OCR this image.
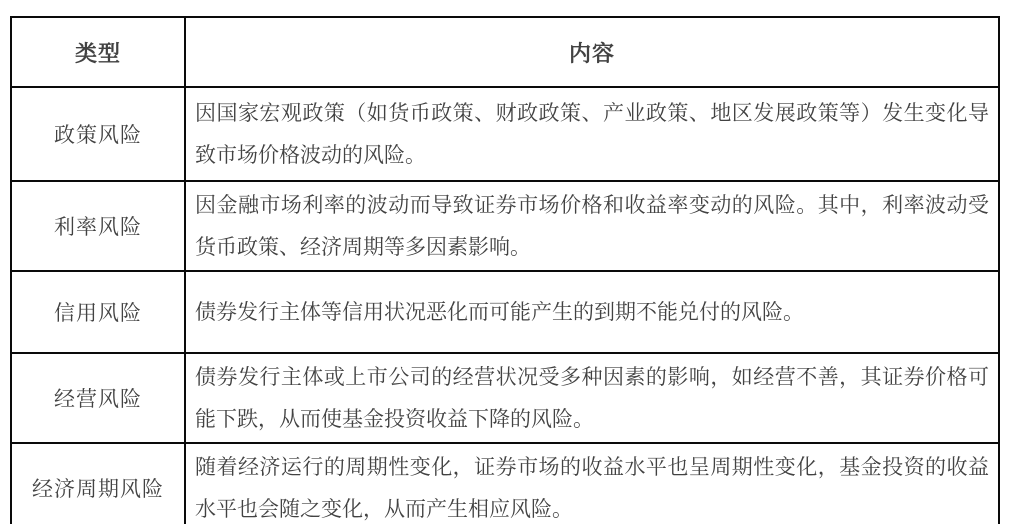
类型	内容
政策风险	因国家宏观政策（如货币政策、财政政策、产业政策、地区发展政策等）发生变化导致市场价格波动的风险。
利率风险	因金融市场利率的波动而导致证券市场价格和收益率变动的风险。其中，利率波动受货币政策、经济周期等多因素影响。
信用风险	债券发行主体等信用状况恶化而可能产生的到期不能兑付的风险。
经营风险	债券发行主体或上市公司的经营状况受多种因素的影响，如经营不善，其证券价格可能下跌，从而使基金投资收益下降的风险。
经济周期风险	随着经济运行的周期性变化，证券市场的收益水平也呈周期性变化，基金投资的收益水平也会随之变化，从而产生相应风险。
